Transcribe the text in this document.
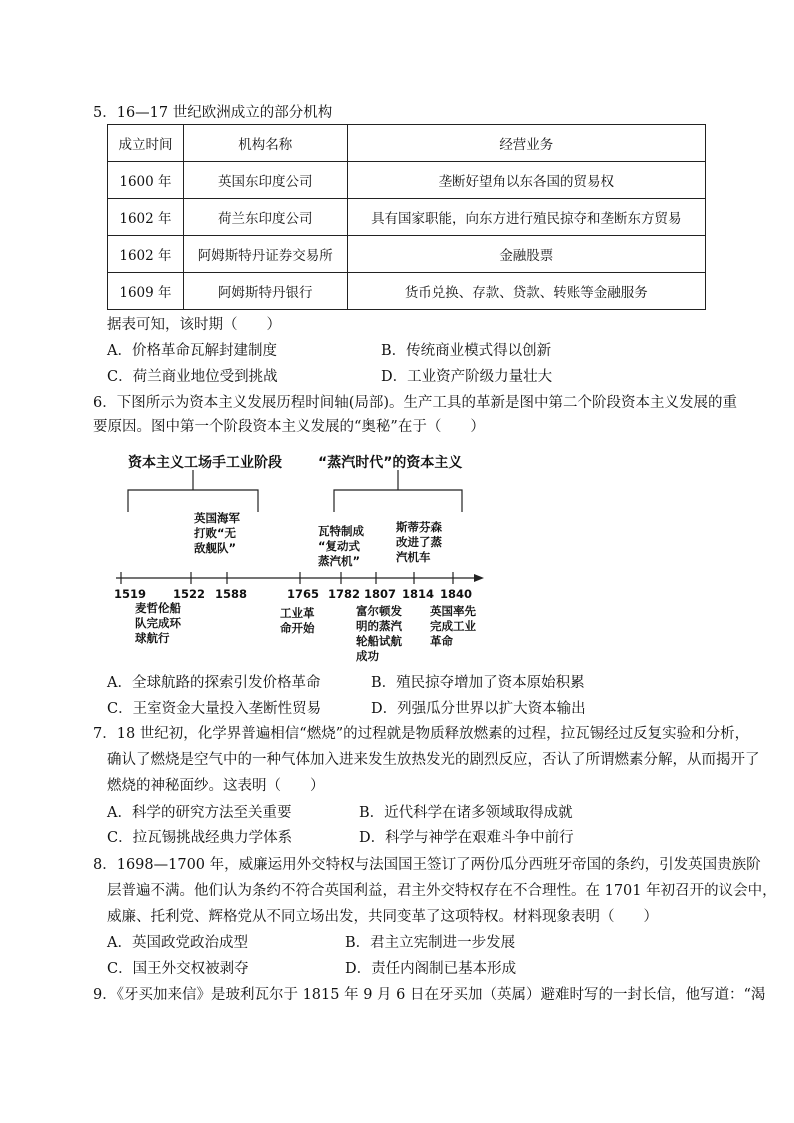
5．16—17 世纪欧洲成立的部分机构
成立时间	机构名称	经营业务
1600 年	英国东印度公司	垄断好望角以东各国的贸易权
1602 年	荷兰东印度公司	具有国家职能，向东方进行殖民掠夺和垄断东方贸易
1602 年	阿姆斯特丹证券交易所	金融股票
1609 年	阿姆斯特丹银行	货币兑换、存款、贷款、转账等金融服务
据表可知，该时期（　　）
A．价格革命瓦解封建制度	B．传统商业模式得以创新
C．荷兰商业地位受到挑战	D．工业资产阶级力量壮大
6．下图所示为资本主义发展历程时间轴(局部)。生产工具的革新是图中第二个阶段资本主义发展的重
要原因。图中第一个阶段资本主义发展的“奥秘”在于（　　）
资本主义工场手工业阶段	“蒸汽时代”的资本主义
1519 1522 1588	1765 1782 1807 1814 1840
英国海军
打败“无
敌舰队”
瓦特制成
“复动式
蒸汽机”
斯蒂芬森
改进了蒸
汽机车
麦哲伦船
队完成环
球航行
工业革
命开始
富尔顿发
明的蒸汽
轮船试航
成功
英国率先
完成工业
革命
A．全球航路的探索引发价格革命	B．殖民掠夺增加了资本原始积累
C．王室资金大量投入垄断性贸易	D．列强瓜分世界以扩大资本输出
7．18 世纪初，化学界普遍相信“燃烧”的过程就是物质释放燃素的过程，拉瓦锡经过反复实验和分析，
确认了燃烧是空气中的一种气体加入进来发生放热发光的剧烈反应，否认了所谓燃素分解，从而揭开了
燃烧的神秘面纱。这表明（　　）
A．科学的研究方法至关重要	B．近代科学在诸多领域取得成就
C．拉瓦锡挑战经典力学体系	D．科学与神学在艰难斗争中前行
8．1698—1700 年，威廉运用外交特权与法国国王签订了两份瓜分西班牙帝国的条约，引发英国贵族阶
层普遍不满。他们认为条约不符合英国利益，君主外交特权存在不合理性。在 1701 年初召开的议会中，
威廉、托利党、辉格党从不同立场出发，共同变革了这项特权。材料现象表明（　　）
A．英国政党政治成型	B．君主立宪制进一步发展
C．国王外交权被剥夺	D．责任内阁制已基本形成
9．《牙买加来信》是玻利瓦尔于 1815 年 9 月 6 日在牙买加（英属）避难时写的一封长信，他写道：“渴
